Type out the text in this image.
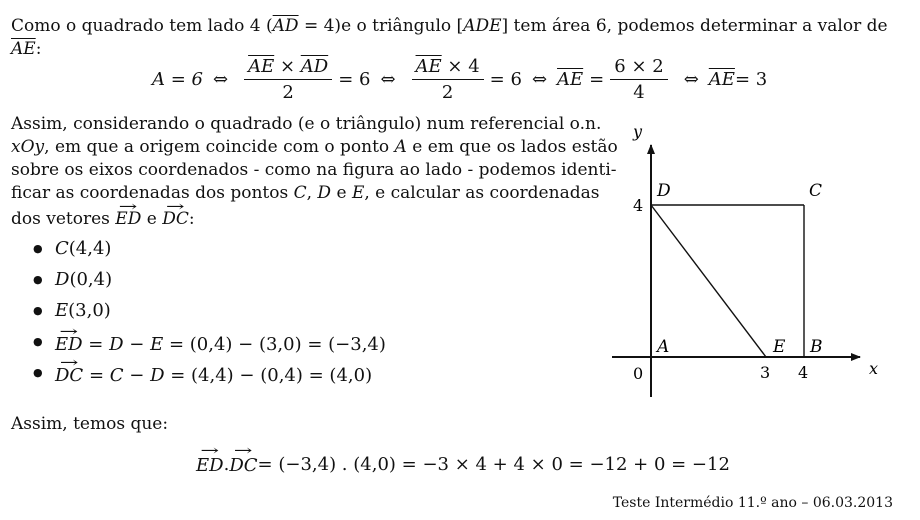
Como o quadrado tem lado 4 $(\overline{AD} = 4)e$ o triângulo [ADE] tem área 6, podemos determinar a valor de
$\overline{AE}$:
A = 6 ⇔ $\frac{\overline{AE} \times \overline{AD}}{2} = 6$ ⇔ $\frac{\overline{AE} \times 4}{2} = 6$ ⇔ $\overline{AE} = \frac{6 \times 2}{4}$ ⇔ $\overline{AE} = 3$
Assim, considerando o quadrado (e o triângulo) num referencial o.n.
xOy, em que a origem coincide com o ponto A e em que os lados estão
sobre os eixos coordenados - como na figura ao lado - podemos identi-
ficar as coordenadas dos pontos C, D e E, e calcular as coordenadas
dos vetores → ED e → DC:
● C(4,4)
● D(0,4)
● E(3,0)
● → ED = D − E = (0,4) − (3,0) = (−3,4)
● → DC = C − D = (4,4) − (0,4) = (4,0)
Assim, temos que:
→ ED . → DC = (−3,4) . (4,0) = −3 × 4 + 4 × 0 = −12 + 0 = −12
y
x
D	C
A	E B
4
0	3 4
Teste Intermédio 11.º ano – 06.03.2013
